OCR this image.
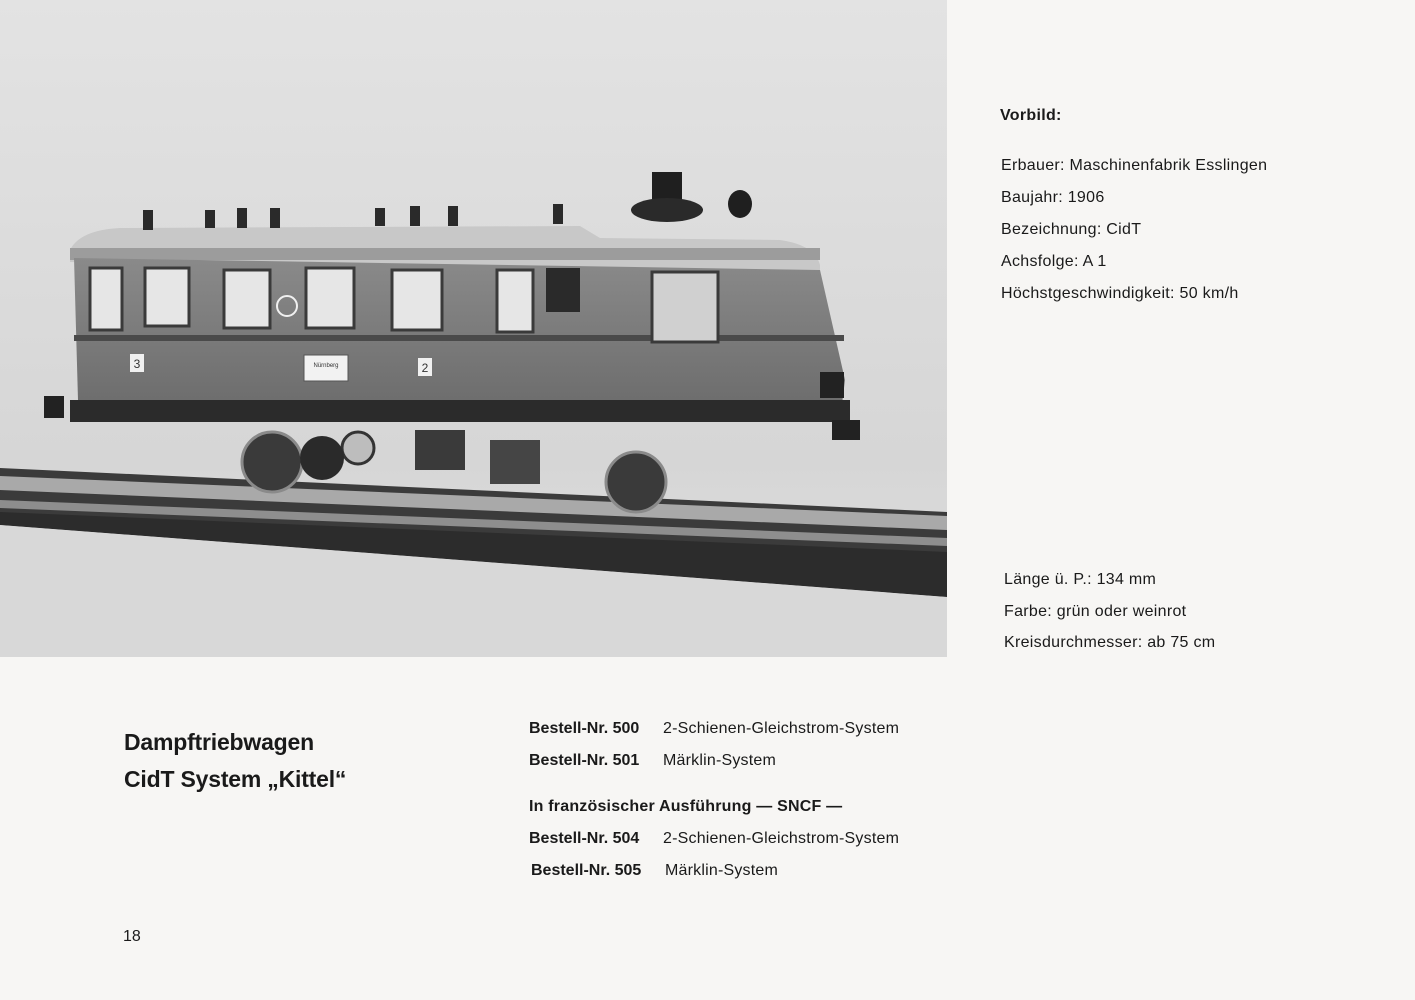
3	2
Nürnberg
Vorbild:
Erbauer: Maschinenfabrik Esslingen
Baujahr: 1906
Bezeichnung: CidT
Achsfolge: A 1
Höchstgeschwindigkeit: 50 km/h
Länge ü. P.: 134 mm
Farbe: grün oder weinrot
Kreisdurchmesser: ab 75 cm
Dampftriebwagen
CidT System „Kittel“
Bestell-Nr. 500 2-Schienen-Gleichstrom-System
Bestell-Nr. 501 Märklin-System
In französischer Ausführung — SNCF —
Bestell-Nr. 504 2-Schienen-Gleichstrom-System
Bestell-Nr. 505 Märklin-System
18
